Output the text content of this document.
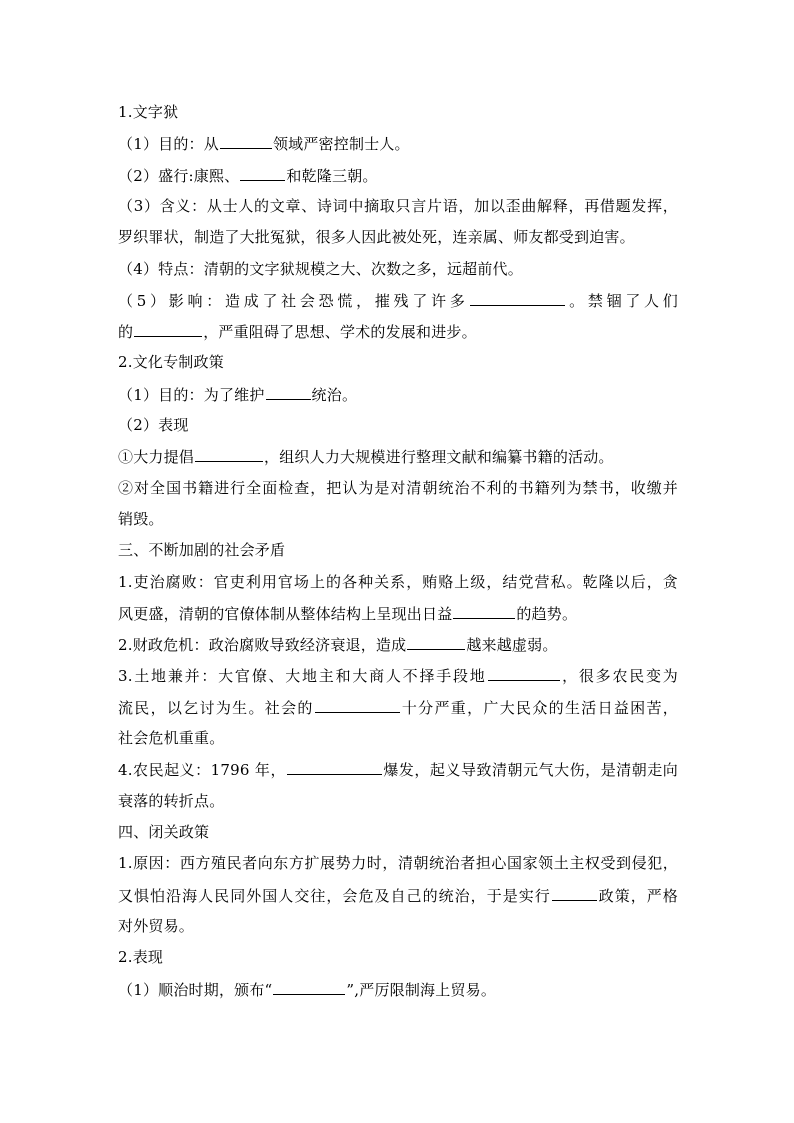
1.文字狱
（1）目的：从	领域严密控制士人。
（2）盛行:康熙、	和乾隆三朝。
（3）含义：从士人的文章、诗词中摘取只言片语，加以歪曲解释，再借题发挥，
罗织罪状，制造了大批冤狱，很多人因此被处死，连亲属、师友都受到迫害。
（4）特点：清朝的文字狱规模之大、次数之多，远超前代。
（5）影响：造成了社会恐慌，摧残了许多	。禁锢了人们
的	，严重阻碍了思想、学术的发展和进步。
2.文化专制政策
（1）目的：为了维护	统治。
（2）表现
①大力提倡	，组织人力大规模进行整理文献和编纂书籍的活动。
②对全国书籍进行全面检查，把认为是对清朝统治不利的书籍列为禁书，收缴并
销毁。
三、不断加剧的社会矛盾
1.吏治腐败：官吏利用官场上的各种关系，贿赂上级，结党营私。乾隆以后，贪
风更盛，清朝的官僚体制从整体结构上呈现出日益	的趋势。
2.财政危机：政治腐败导致经济衰退，造成	越来越虚弱。
3.土地兼并：大官僚、大地主和大商人不择手段地	，很多农民变为
流民，以乞讨为生。社会的	十分严重，广大民众的生活日益困苦，
社会危机重重。
4.农民起义：1796 年，	爆发，起义导致清朝元气大伤，是清朝走向
衰落的转折点。
四、闭关政策
1.原因：西方殖民者向东方扩展势力时，清朝统治者担心国家领土主权受到侵犯，
又惧怕沿海人民同外国人交往，会危及自己的统治，于是实行	政策，严格
对外贸易。
2.表现
（1）顺治时期，颁布“	”,严厉限制海上贸易。
